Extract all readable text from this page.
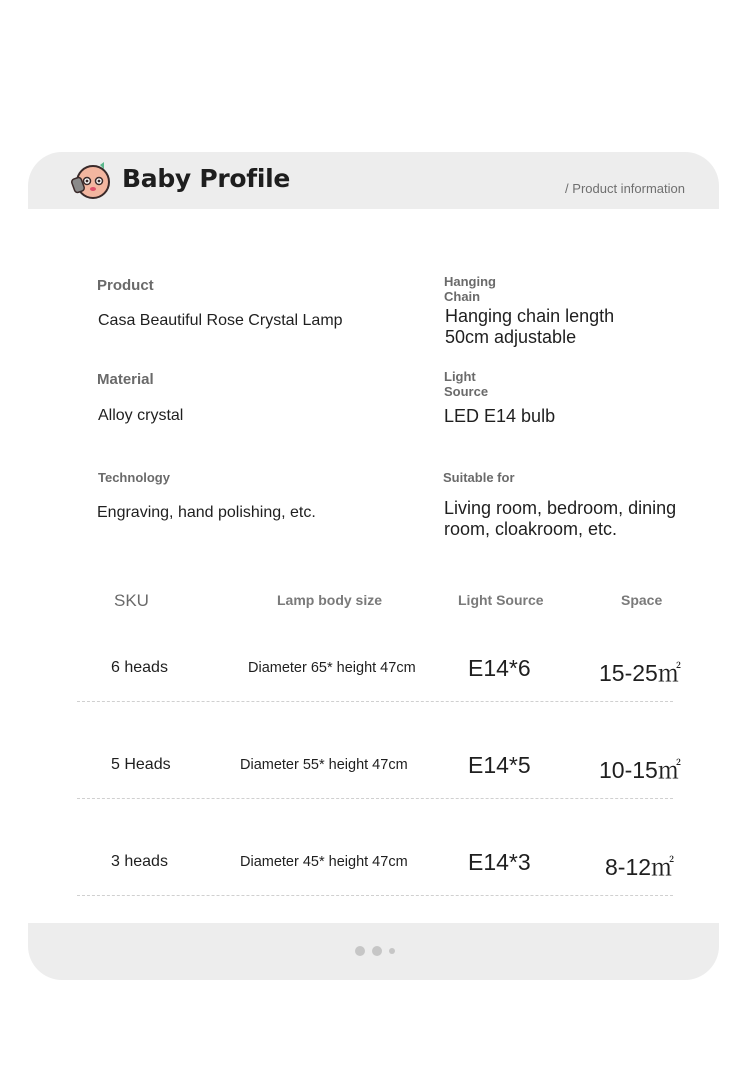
Baby Profile	/ Product information
Product
Casa Beautiful Rose Crystal Lamp
Material
Alloy crystal
Technology
Engraving, hand polishing, etc.
Hanging
Chain
Hanging chain length
50cm adjustable
Light
Source
LED E14 bulb
Suitable for
Living room, bedroom, dining
room, cloakroom, etc.
SKU	Lamp body size	Light Source	Space
6 heads	Diameter 65* height 47cm E14*6	15-25㎡
5 Heads	Diameter 55* height 47cm	E14*5	10-15㎡
3 heads	Diameter 45* height 47cm	E14*3	8-12㎡
